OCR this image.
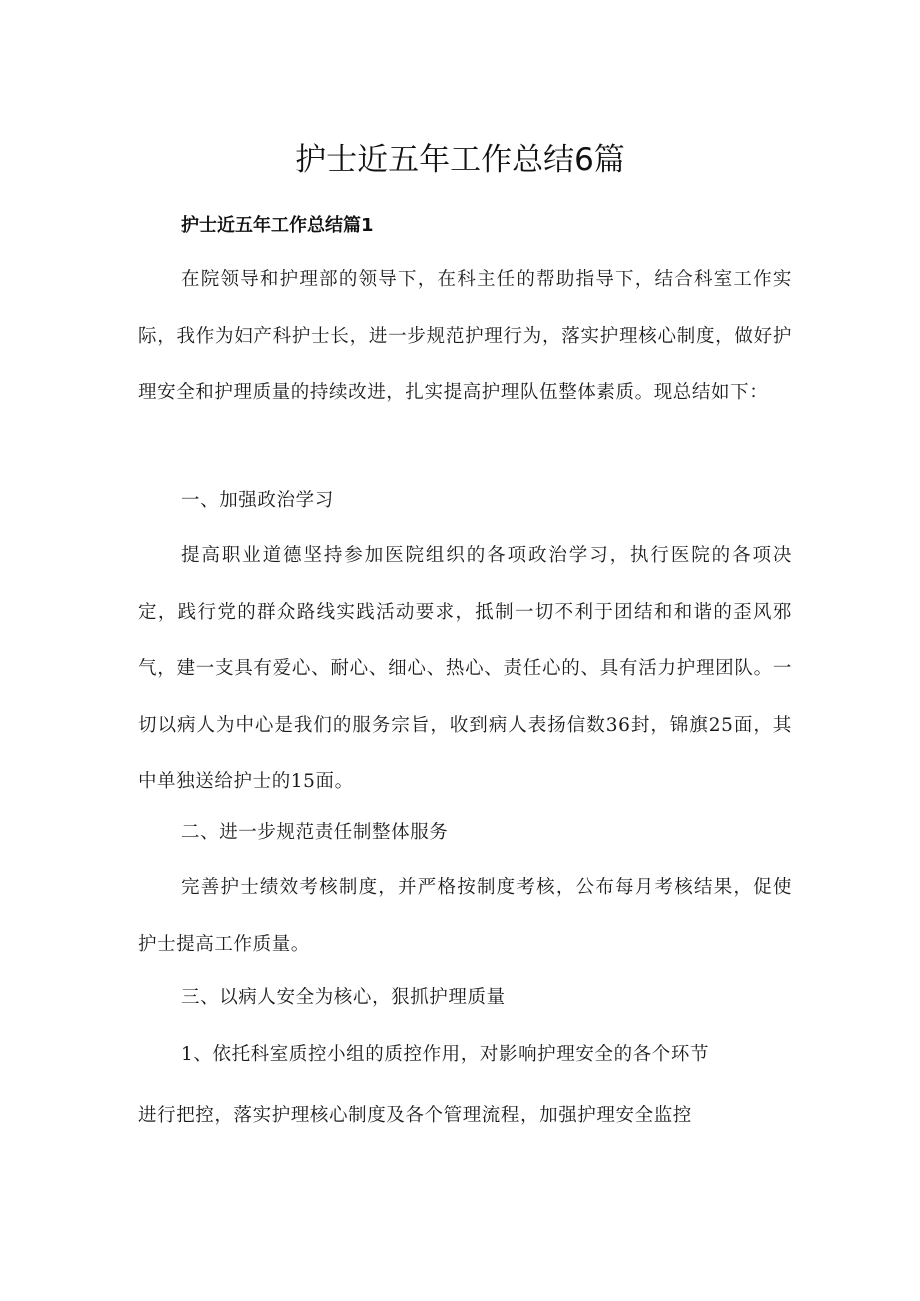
护士近五年工作总结6篇
护士近五年工作总结篇1

在院领导和护理部的领导下，在科主任的帮助指导下，结合科室工作实际，我作为妇产科护士长，进一步规范护理行为，落实护理核心制度，做好护理安全和护理质量的持续改进，扎实提高护理队伍整体素质。现总结如下：

一、加强政治学习

提高职业道德坚持参加医院组织的各项政治学习，执行医院的各项决定，践行党的群众路线实践活动要求，抵制一切不利于团结和和谐的歪风邪气，建一支具有爱心、耐心、细心、热心、责任心的、具有活力护理团队。一切以病人为中心是我们的服务宗旨，收到病人表扬信数36封，锦旗25面，其中单独送给护士的15面。

二、进一步规范责任制整体服务

完善护士绩效考核制度，并严格按制度考核，公布每月考核结果，促使护士提高工作质量。

三、以病人安全为核心，狠抓护理质量

1、依托科室质控小组的质控作用，对影响护理安全的各个环节

进行把控，落实护理核心制度及各个管理流程，加强护理安全监控
